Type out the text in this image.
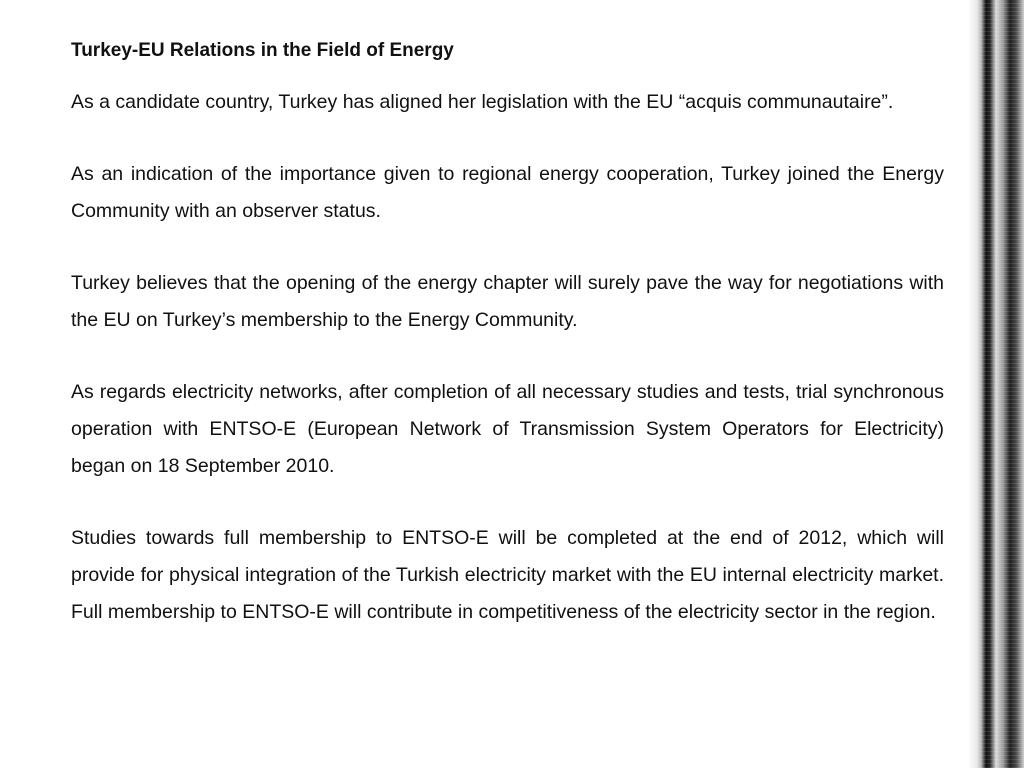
Turkey-EU Relations in the Field of Energy

As a candidate country, Turkey has aligned her legislation with the EU “acquis communautaire”.

As an indication of the importance given to regional energy cooperation, Turkey joined the Energy Community with an observer status.

Turkey believes that the opening of the energy chapter will surely pave the way for negotiations with the EU on Turkey’s membership to the Energy Community.

As regards electricity networks, after completion of all necessary studies and tests, trial synchronous operation with ENTSO-E (European Network of Transmission System Operators for Electricity) began on 18 September 2010.

Studies towards full membership to ENTSO-E will be completed at the end of 2012, which will provide for physical integration of the Turkish electricity market with the EU internal electricity market. Full membership to ENTSO-E will contribute in competitiveness of the electricity sector in the region.
